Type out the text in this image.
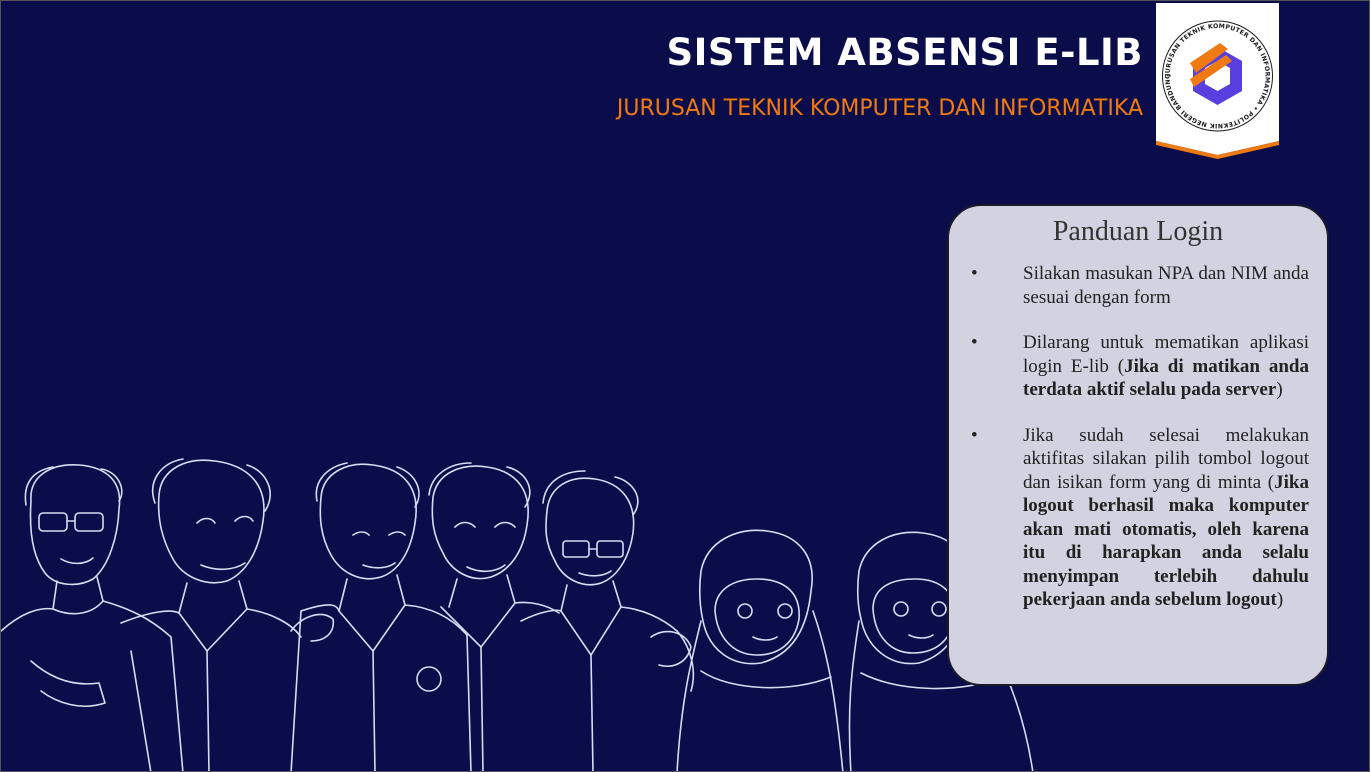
SISTEM ABSENSI E-LIB
JURUSAN TEKNIK KOMPUTER DAN INFORMATIKA
JURUSAN TEKNIK KOMPUTER DAN INFORMATIKA • POLITEKNIK NEGERI BANDUNG
Panduan Login
• Silakan masukan NPA dan NIM anda sesuai dengan form
• Dilarang untuk mematikan aplikasi login E-lib (Jika di matikan anda terdata aktif selalu pada server)
• Jika sudah selesai melakukan aktifitas silakan pilih tombol logout dan isikan form yang di minta (Jika logout berhasil maka komputer akan mati otomatis, oleh karena itu di harapkan anda selalu menyimpan terlebih dahulu pekerjaan anda sebelum logout)
